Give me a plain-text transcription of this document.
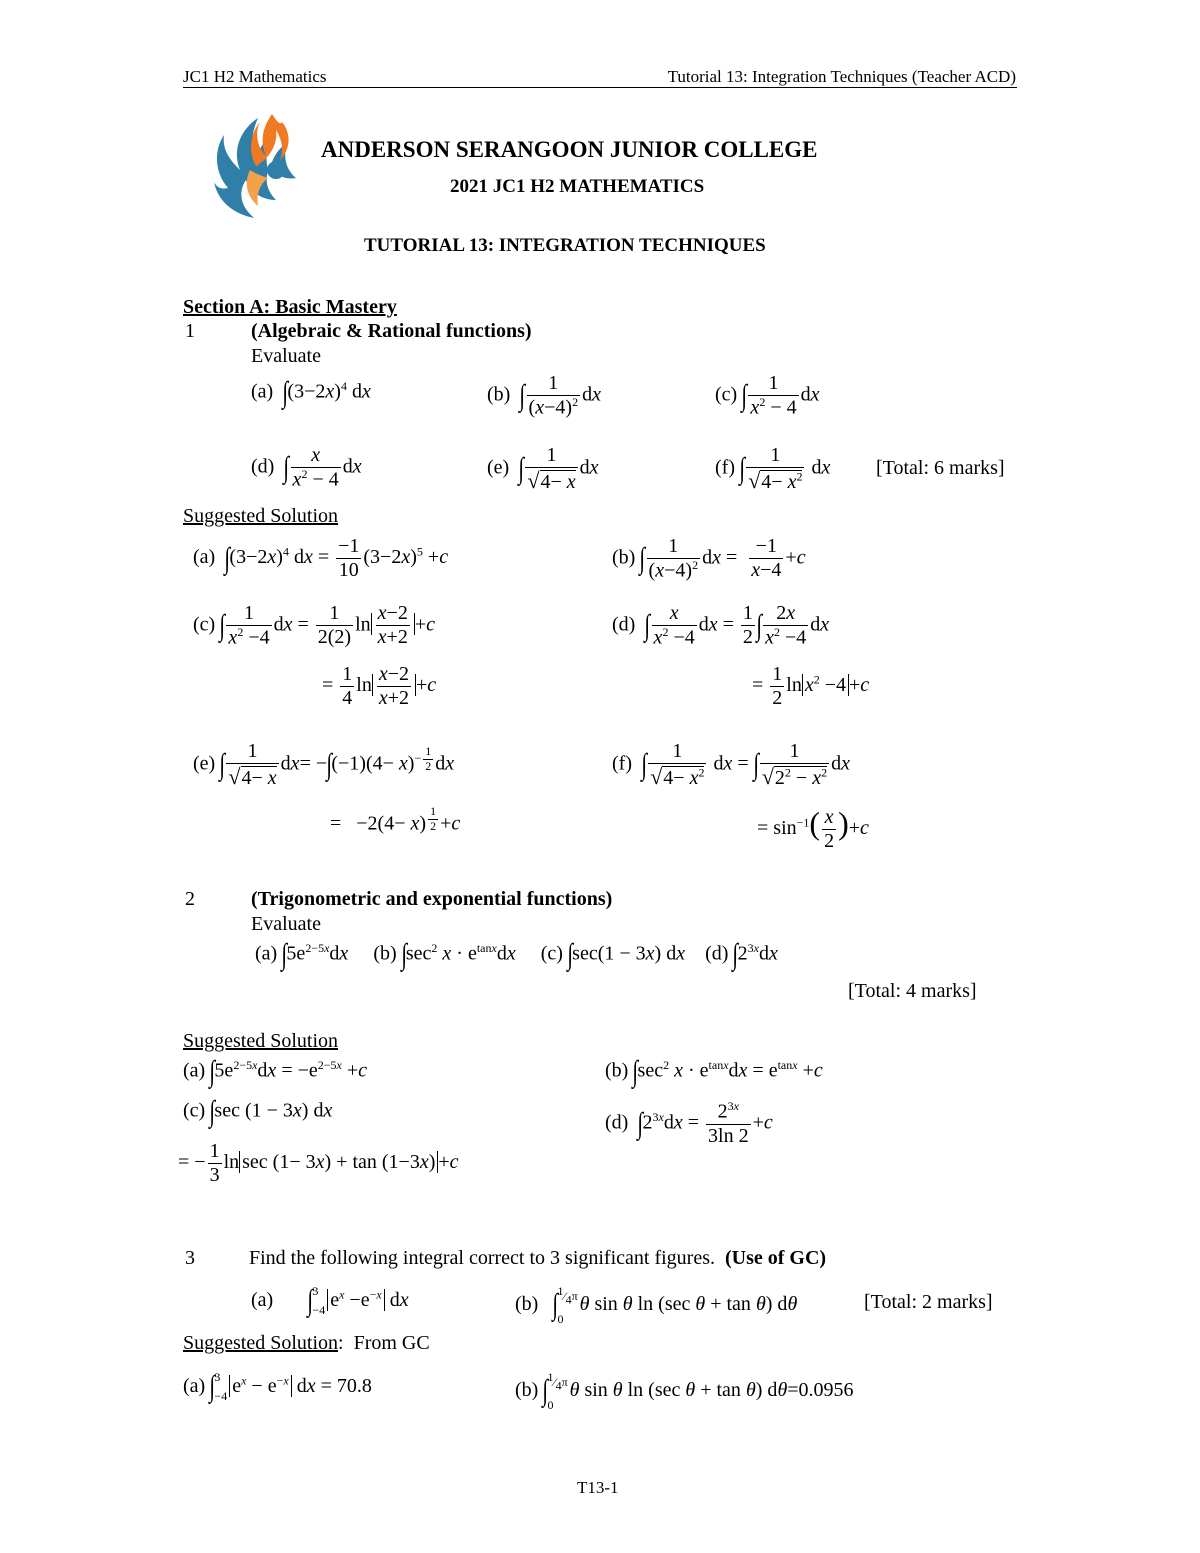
JC1 H2 Mathematics	Tutorial 13: Integration Techniques (Teacher ACD)
ANDERSON SERANGOON JUNIOR COLLEGE
2021 JC1 H2 MATHEMATICS
TUTORIAL 13: INTEGRATION TECHNIQUES
Section A: Basic Mastery
1	(Algebraic & Rational functions)
Evaluate
(a) $\int(3-2x)^4$ dx	(b) ∫ $\frac{1}{(x-4)^2}$ dx	(c) ∫ $\frac{1}{x^2 - 4}$ dx
(d) ∫ $\frac{x}{x^2 - 4}$ dx	(e) ∫ $\frac{1}{√4- x}$ dx	(f) ∫ $\frac{1}{√4- x^2}$ dx [Total: 6 marks]
Suggested Solution
(a)  $\int(3-2x)^4$ dx = $\frac{-1}{10} (3-2x)^5 +c$	(b) ∫ $\frac{1}{(x-4)^2}$ dx = $\frac{-1}{x-4} +c$
(c) ∫ $\frac{1}{x^2 -4}$ dx = $\frac{1}{2(2)}$ $\ln \frac{x-2}{x+2} +c$
= $\frac{1}{4}$ $\ln \frac{x-2}{x+2} +c$
(d)  ∫ $\frac{x}{x^2 -4}$ dx = $\frac{1}{2}$ ∫ $\frac{2x}{x^2 -4}$ dx
= $\frac{1}{2}$ $\ln x^2 -4 +c$
(e) ∫ $\frac{1}{√4- x} dx= -\int(-1)(4- x)^{- \frac{1}{2}}$ dx
=   −2(4− x) $^{\frac{1}{2}}$ +c
(f)  ∫ $\frac{1}{√4- x^2}$ dx = ∫ $\frac{1}{√2^2 - x^2}$ dx
= $\sin^{-1}( \frac{x}{2} )+c$
2	(Trigonometric and exponential functions)
Evaluate
(a) $\int 5e^{2-5x}dx$     (b) $\int\sec^2$ $x \cdot e^{tanx}dx$     (c) ∫sec(1 − 3x) dx    (d) $\int 2^{3x}dx$
[Total: 4 marks]
Suggested Solution
(a) $\int 5e^{2-5x}dx = -e^{2-5x} +c$	(b) $\int\sec^2$ $x \cdot e^{tanx}dx = e^{tanx} +c$
(c) ∫sec (1 − 3x) dx
= − $\frac{1}{3}$ ln sec (1− 3x) + tan (1−3x) +c
(d)  $\int 2^{3x}dx = \frac{2^{3x}}{3\ln 2} +c$
3	Find the following integral correct to 3 significant figures. (Use of GC)
(a)       ∫3
−4 $e^x -e^{-x}$ dx	(b)   $\int^1⁄_4\pi$
0θ sin θ ln (sec θ + tan θ) dθ	[Total: 2 marks]
Suggested Solution:  From GC
(a) ∫3
−4 $e^x - e^{-x}$ dx = 70.8	(b) $\int^1⁄_4\pi$
0θ sin θ ln (sec θ + tan θ) dθ=0.0956
T13-1
